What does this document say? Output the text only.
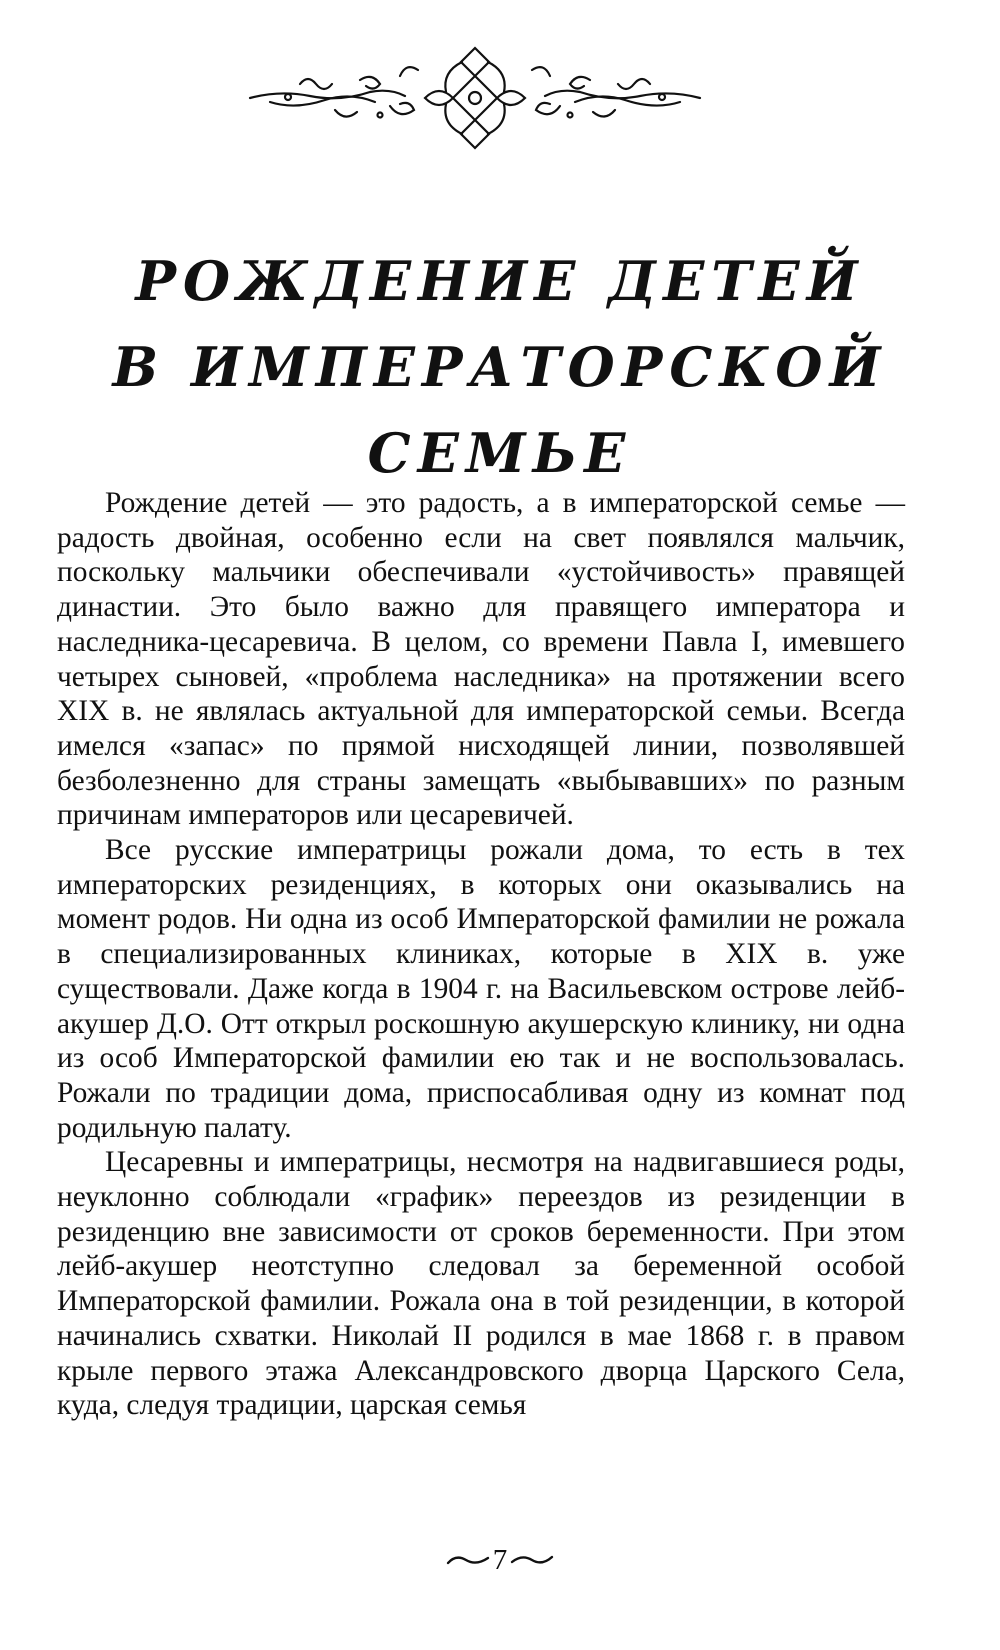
РОЖДЕНИЕ ДЕТЕЙ
В ИМПЕРАТОРСКОЙ СЕМЬЕ

Рождение детей — это радость, а в императорской семье — радость двойная, особенно если на свет появлялся мальчик, поскольку мальчики обеспечивали «устойчивость» правящей династии. Это было важно для правящего императора и наследника-цесаревича. В целом, со времени Павла I, имевшего четырех сыновей, «проблема наследника» на протяжении всего XIX в. не являлась актуальной для императорской семьи. Всегда имелся «запас» по прямой нисходящей линии, позволявшей безболезненно для страны замещать «выбывавших» по разным причинам императоров или цесаревичей.

Все русские императрицы рожали дома, то есть в тех императорских резиденциях, в которых они оказывались на момент родов. Ни одна из особ Императорской фамилии не рожала в специализированных клиниках, которые в XIX в. уже существовали. Даже когда в 1904 г. на Васильевском острове лейб-акушер Д.О. Отт открыл роскошную акушерскую клинику, ни одна из особ Императорской фамилии ею так и не воспользовалась. Рожали по традиции дома, приспосабливая одну из комнат под родильную палату.

Цесаревны и императрицы, несмотря на надвигавшиеся роды, неуклонно соблюдали «график» переездов из резиденции в резиденцию вне зависимости от сроков беременности. При этом лейб-акушер неотступно следовал за беременной особой Императорской фамилии. Рожала она в той резиденции, в которой начинались схватки. Николай II родился в мае 1868 г. в правом крыле первого этажа Александровского дворца Царского Села, куда, следуя традиции, царская семья

7
